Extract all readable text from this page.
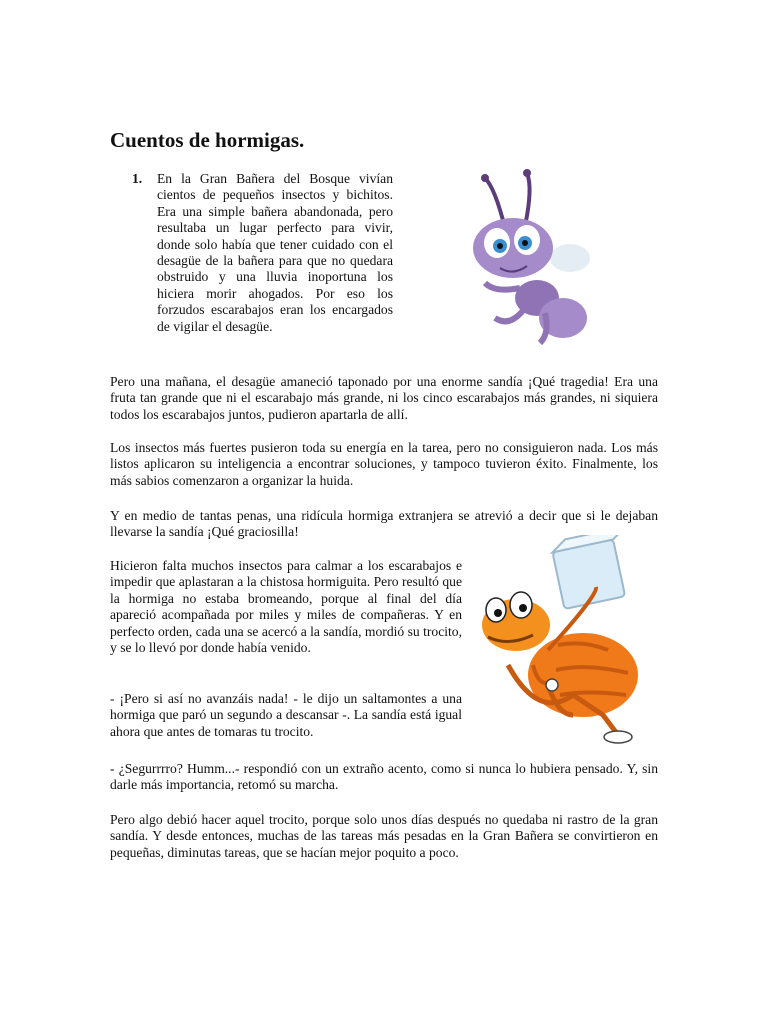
Cuentos de hormigas.
1. En la Gran Bañera del Bosque vivían cientos de pequeños insectos y bichitos. Era una simple bañera abandonada, pero resultaba un lugar perfecto para vivir, donde solo había que tener cuidado con el desagüe de la bañera para que no quedara obstruido y una lluvia inoportuna los hiciera morir ahogados. Por eso los forzudos escarabajos eran los encargados de vigilar el desagüe.

Pero una mañana, el desagüe amaneció taponado por una enorme sandía ¡Qué tragedia! Era una fruta tan grande que ni el escarabajo más grande, ni los cinco escarabajos más grandes, ni siquiera todos los escarabajos juntos, pudieron apartarla de allí.

Los insectos más fuertes pusieron toda su energía en la tarea, pero no consiguieron nada. Los más listos aplicaron su inteligencia a encontrar soluciones, y tampoco tuvieron éxito. Finalmente, los más sabios comenzaron a organizar la huida.

Y en medio de tantas penas, una ridícula hormiga extranjera se atrevió a decir que si le dejaban llevarse la sandía ¡Qué graciosilla!

Hicieron falta muchos insectos para calmar a los escarabajos e impedir que aplastaran a la chistosa hormiguita. Pero resultó que la hormiga no estaba bromeando, porque al final del día apareció acompañada por miles y miles de compañeras. Y en perfecto orden, cada una se acercó a la sandía, mordió su trocito, y se lo llevó por donde había venido.

- ¡Pero si así no avanzáis nada! - le dijo un saltamontes a una hormiga que paró un segundo a descansar -. La sandía está igual ahora que antes de tomaras tu trocito.

- ¿Segurrrro? Humm...- respondió con un extraño acento, como si nunca lo hubiera pensado. Y, sin darle más importancia, retomó su marcha.

Pero algo debió hacer aquel trocito, porque solo unos días después no quedaba ni rastro de la gran sandía. Y desde entonces, muchas de las tareas más pesadas en la Gran Bañera se convirtieron en pequeñas, diminutas tareas, que se hacían mejor poquito a poco.
